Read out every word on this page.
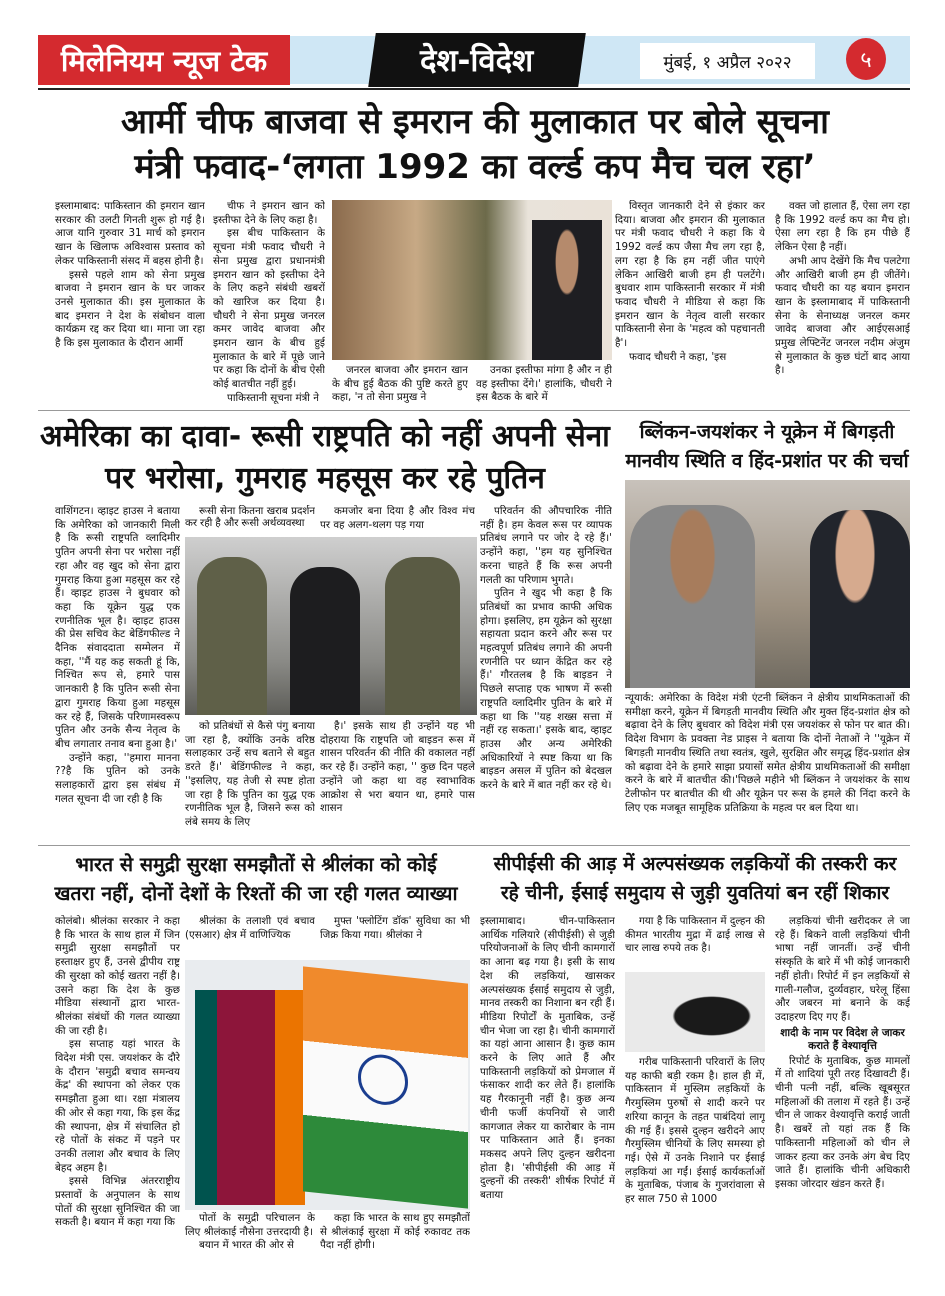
मिलेनियम न्यूज टेक	देश-विदेश	मुंबई, १ अप्रैल २०२२	५
आर्मी चीफ बाजवा से इमरान की मुलाकात पर बोले सूचना
मंत्री फवाद-‘लगता 1992 का वर्ल्ड कप मैच चल रहा’

इस्लामाबाद: पाकिस्तान की इमरान खान सरकार की उलटी गिनती शुरू हो गई है। आज यानि गुरुवार 31 मार्च को इमरान खान के खिलाफ अविश्वास प्रस्ताव को लेकर पाकिस्तानी संसद में बहस होनी है।

इससे पहले शाम को सेना प्रमुख बाजवा ने इमरान खान के घर जाकर उनसे मुलाकात की। इस मुलाकात के बाद इमरान ने देश के संबोधन वाला कार्यक्रम रद्द कर दिया था। माना जा रहा है कि इस मुलाकात के दौरान आर्मी

चीफ ने इमरान खान को इस्तीफा देने के लिए कहा है।

इस बीच पाकिस्तान के सूचना मंत्री फवाद चौधरी ने सेना प्रमुख द्वारा प्रधानमंत्री इमरान खान को इस्तीफा देने के लिए कहने संबंधी खबरों को खारिज कर दिया है। चौधरी ने सेना प्रमुख जनरल कमर जावेद बाजवा और इमरान खान के बीच हुई मुलाकात के बारे में पूछे जाने पर कहा कि दोनों के बीच ऐसी कोई बातचीत नहीं हुई।

पाकिस्तानी सूचना मंत्री ने

जनरल बाजवा और इमरान खान के बीच हुई बैठक की पुष्टि करते हुए कहा, 'न तो सेना प्रमुख ने

उनका इस्तीफा मांगा है और न ही वह इस्तीफा देंगे।' हालांकि, चौधरी ने इस बैठक के बारे में

विस्तृत जानकारी देने से इंकार कर दिया। बाजवा और इमरान की मुलाकात पर मंत्री फवाद चौधरी ने कहा कि ये 1992 वर्ल्ड कप जैसा मैच लग रहा है, लग रहा है कि हम नहीं जीत पाएंगे लेकिन आखिरी बाजी हम ही पलटेंगे। बुधवार शाम पाकिस्तानी सरकार में मंत्री फवाद चौधरी ने मीडिया से कहा कि इमरान खान के नेतृत्व वाली सरकार पाकिस्तानी सेना के 'महत्व को पहचानती है'।

फवाद चौधरी ने कहा, 'इस

वक्त जो हालात हैं, ऐसा लग रहा है कि 1992 वर्ल्ड कप का मैच हो। ऐसा लग रहा है कि हम पीछे हैं लेकिन ऐसा है नहीं।

अभी आप देखेंगे कि मैच पलटेगा और आखिरी बाजी हम ही जीतेंगे। फवाद चौधरी का यह बयान इमरान खान के इस्लामाबाद में पाकिस्तानी सेना के सेनाध्यक्ष जनरल कमर जावेद बाजवा और आईएसआई प्रमुख लेफ्टिनेंट जनरल नदीम अंजुम से मुलाकात के कुछ घंटों बाद आया है।

अमेरिका का दावा- रूसी राष्ट्रपति को नहीं अपनी सेना
पर भरोसा, गुमराह महसूस कर रहे पुतिन

वाशिंगटन। व्हाइट हाउस ने बताया कि अमेरिका को जानकारी मिली है कि रूसी राष्ट्रपति व्लादिमीर पुतिन अपनी सेना पर भरोसा नहीं रहा और वह खुद को सेना द्वारा गुमराह किया हुआ महसूस कर रहे हैं। व्हाइट हाउस ने बुधवार को कहा कि यूक्रेन युद्ध एक रणनीतिक भूल है। व्हाइट हाउस की प्रेस सचिव केट बेडिंगफील्ड ने दैनिक संवाददाता सम्मेलन में कहा, ''मैं यह कह सकती हूं कि, निश्चित रूप से, हमारे पास जानकारी है कि पुतिन रूसी सेना द्वारा गुमराह किया हुआ महसूस कर रहे हैं, जिसके परिणामस्वरूप पुतिन और उनके सैन्य नेतृत्व के बीच लगातार तनाव बना हुआ है।'

उन्होंने कहा, ''हमारा मानना ??है कि पुतिन को उनके सलाहकारों द्वारा इस संबंध में गलत सूचना दी जा रही है कि

रूसी सेना कितना खराब प्रदर्शन कर रही है और रूसी अर्थव्यवस्था

कमजोर बना दिया है और विश्व मंच पर वह अलग-थलग पड़ गया

को प्रतिबंधों से कैसे पंगु बनाया जा रहा है, क्योंकि उनके वरिष्ठ सलाहकार उन्हें सच बताने से बहुत डरते हैं।' बेडिंगफील्ड ने कहा, ''इसलिए, यह तेजी से स्पष्ट होता जा रहा है कि पुतिन का युद्ध एक रणनीतिक भूल है, जिसने रूस को लंबे समय के लिए

है।' इसके साथ ही उन्होंने यह भी दोहराया कि राष्ट्रपति जो बाइडन रूस में शासन परिवर्तन की नीति की वकालत नहीं कर रहे हैं। उन्होंने कहा, '' कुछ दिन पहले उन्होंने जो कहा था वह स्वाभाविक आक्रोश से भरा बयान था, हमारे पास शासन

परिवर्तन की औपचारिक नीति नहीं है। हम केवल रूस पर व्यापक प्रतिबंध लगाने पर जोर दे रहे हैं।' उन्होंने कहा, ''हम यह सुनिश्चित करना चाहते हैं कि रूस अपनी गलती का परिणाम भुगते।

पुतिन ने खुद भी कहा है कि प्रतिबंधों का प्रभाव काफी अधिक होगा। इसलिए, हम यूक्रेन को सुरक्षा सहायता प्रदान करने और रूस पर महत्वपूर्ण प्रतिबंध लगाने की अपनी रणनीति पर ध्यान केंद्रित कर रहे हैं।' गौरतलब है कि बाइडन ने पिछले सप्ताह एक भाषण में रूसी राष्ट्रपति व्लादिमीर पुतिन के बारे में कहा था कि ''यह शख्स सत्ता में नहीं रह सकता।' इसके बाद, व्हाइट हाउस और अन्य अमेरिकी अधिकारियों ने स्पष्ट किया था कि बाइडन असल में पुतिन को बेदखल करने के बारे में बात नहीं कर रहे थे।

ब्लिंकन-जयशंकर ने यूक्रेन में बिगड़ती
मानवीय स्थिति व हिंद-प्रशांत पर की चर्चा

न्यूयार्क: अमेरिका के विदेश मंत्री एंटनी ब्लिंकन ने क्षेत्रीय प्राथमिकताओं की समीक्षा करने, यूक्रेन में बिगड़ती मानवीय स्थिति और मुक्त हिंद-प्रशांत क्षेत्र को बढ़ावा देने के लिए बुधवार को विदेश मंत्री एस जयशंकर से फोन पर बात की। विदेश विभाग के प्रवक्ता नेड प्राइस ने बताया कि दोनों नेताओं ने ''यूक्रेन में बिगड़ती मानवीय स्थिति तथा स्वतंत्र, खुले, सुरक्षित और समृद्ध हिंद-प्रशांत क्षेत्र को बढ़ावा देने के हमारे साझा प्रयासों समेत क्षेत्रीय प्राथमिकताओं की समीक्षा करने के बारे में बातचीत की।'पिछले महीने भी ब्लिंकन ने जयशंकर के साथ टेलीफोन पर बातचीत की थी और यूक्रेन पर रूस के हमले की निंदा करने के लिए एक मजबूत सामूहिक प्रतिक्रिया के महत्व पर बल दिया था।

भारत से समुद्री सुरक्षा समझौतों से श्रीलंका को कोई
खतरा नहीं, दोनों देशों के रिश्तों की जा रही गलत व्याख्या

कोलंबो। श्रीलंका सरकार ने कहा है कि भारत के साथ हाल में जिन समुद्री सुरक्षा समझौतों पर हस्ताक्षर हुए हैं, उनसे द्वीपीय राष्ट्र की सुरक्षा को कोई खतरा नहीं है। उसने कहा कि देश के कुछ मीडिया संस्थानों द्वारा भारत-श्रीलंका संबंधों की गलत व्याख्या की जा रही है।

इस सप्ताह यहां भारत के विदेश मंत्री एस. जयशंकर के दौरे के दौरान 'समुद्री बचाव समन्वय केंद्र' की स्थापना को लेकर एक समझौता हुआ था। रक्षा मंत्रालय की ओर से कहा गया, कि इस केंद्र की स्थापना, क्षेत्र में संचालित हो रहे पोतों के संकट में पड़ने पर उनकी तलाश और बचाव के लिए बेहद अहम है।

इससे विभिन्न अंतरराष्ट्रीय प्रस्तावों के अनुपालन के साथ पोतों की सुरक्षा सुनिश्चित की जा सकती है। बयान में कहा गया कि

श्रीलंका के तलाशी एवं बचाव (एसआर) क्षेत्र में वाणिज्यिक

मुफ्त 'फ्लोटिंग डॉक' सुविधा का भी जिक्र किया गया। श्रीलंका ने

पोतों के समुद्री परिचालन के लिए श्रीलंकाई नौसेना उत्तरदायी है।

बयान में भारत की ओर से

कहा कि भारत के साथ हुए समझौतों से श्रीलंकाई सुरक्षा में कोई रुकावट तक पैदा नहीं होगी।

सीपीईसी की आड़ में अल्पसंख्यक लड़कियों की तस्करी कर
रहे चीनी, ईसाई समुदाय से जुड़ी युवतियां बन रहीं शिकार

इस्लामाबाद। चीन-पाकिस्तान आर्थिक गलियारे (सीपीईसी) से जुड़ी परियोजनाओं के लिए चीनी कामगारों का आना बढ़ गया है। इसी के साथ देश की लड़कियां, खासकर अल्पसंख्यक ईसाई समुदाय से जुड़ी, मानव तस्करी का निशाना बन रही हैं। मीडिया रिपोर्टों के मुताबिक, उन्हें चीन भेजा जा रहा है। चीनी कामगारों का यहां आना आसान है। कुछ काम करने के लिए आते हैं और पाकिस्तानी लड़कियों को प्रेमजाल में फंसाकर शादी कर लेते हैं। हालांकि यह गैरकानूनी नहीं है। कुछ अन्य चीनी फर्जी कंपनियों से जारी कागजात लेकर या कारोबार के नाम पर पाकिस्तान आते हैं। इनका मकसद अपने लिए दुल्हन खरीदना होता है। 'सीपीईसी की आड़ में दुल्हनों की तस्करी' शीर्षक रिपोर्ट में बताया

गया है कि पाकिस्तान में दुल्हन की कीमत भारतीय मुद्रा में ढाई लाख से चार लाख रुपये तक है।

गरीब पाकिस्तानी परिवारों के लिए यह काफी बड़ी रकम है। हाल ही में, पाकिस्तान में मुस्लिम लड़कियों के गैरमुस्लिम पुरुषों से शादी करने पर शरिया कानून के तहत पाबंदियां लागू की गई हैं। इससे दुल्हन खरीदने आए गैरमुस्लिम चीनियों के लिए समस्या हो गई। ऐसे में उनके निशाने पर ईसाई लड़कियां आ गईं। ईसाई कार्यकर्ताओं के मुताबिक, पंजाब के गुजरांवाला से हर साल 750 से 1000

लड़कियां चीनी खरीदकर ले जा रहे हैं। बिकने वाली लड़कियां चीनी भाषा नहीं जानतीं। उन्हें चीनी संस्कृति के बारे में भी कोई जानकारी नहीं होती। रिपोर्ट में इन लड़कियों से गाली-गलौज, दुर्व्यवहार, घरेलू हिंसा और जबरन मां बनाने के कई उदाहरण दिए गए हैं।

शादी के नाम पर विदेश ले जाकर कराते हैं वेश्यावृत्ति

रिपोर्ट के मुताबिक, कुछ मामलों में तो शादियां पूरी तरह दिखावटी हैं। चीनी पत्नी नहीं, बल्कि खूबसूरत महिलाओं की तलाश में रहते हैं। उन्हें चीन ले जाकर वेश्यावृत्ति कराई जाती है। खबरें तो यहां तक हैं कि पाकिस्तानी महिलाओं को चीन ले जाकर हत्या कर उनके अंग बेच दिए जाते हैं। हालांकि चीनी अधिकारी इसका जोरदार खंडन करते हैं।
